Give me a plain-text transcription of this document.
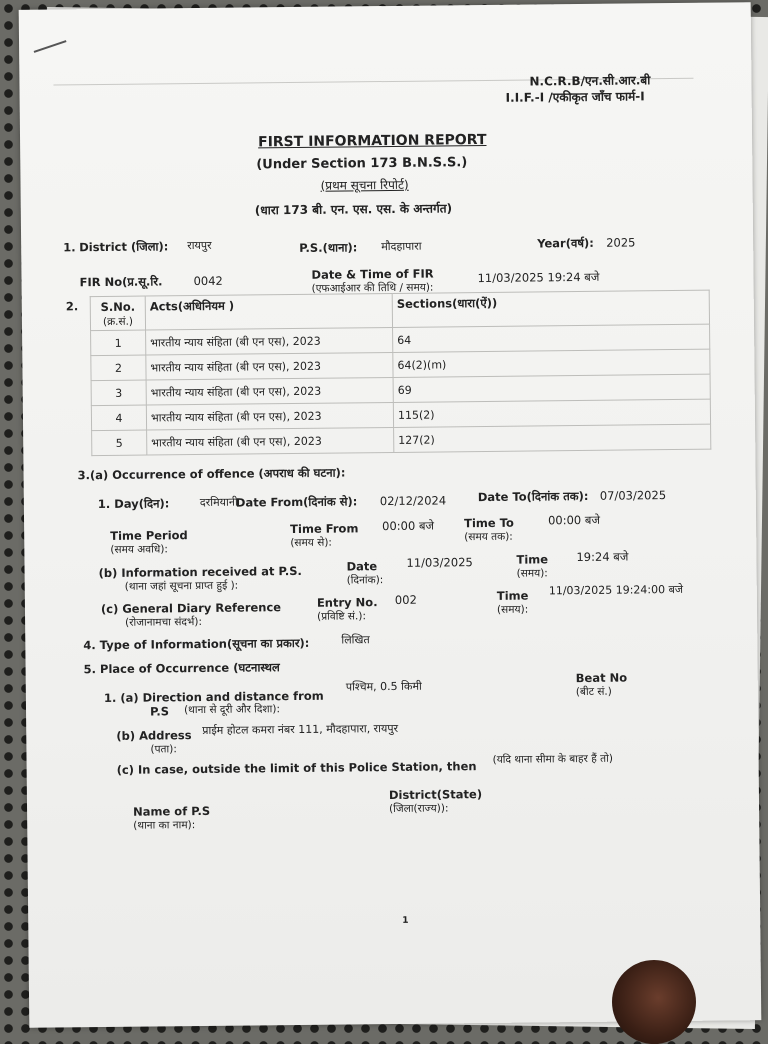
N.C.R.B/एन.सी.आर.बी
I.I.F.-I /एकीकृत जाँच फार्म-I
FIRST INFORMATION REPORT
(Under Section 173 B.N.S.S.)
(प्रथम सूचना रिपोर्ट)
(धारा 173 बी. एन. एस. एस. के अन्तर्गत)
1. District (जिला): रायपुर	P.S.(थाना): मौदहापारा	Year(वर्ष): 2025
FIR No(प्र.सू.रि.	0042	Date & Time of FIR
(एफआईआर की तिथि / समय):
11/03/2025 19:24 बजे
2. S.No.
(क्र.सं.)	Acts(अधिनियम )	Sections(धारा(ऐं))
1	भारतीय न्याय संहिता (बी एन एस), 2023	64
2	भारतीय न्याय संहिता (बी एन एस), 2023	64(2)(m)
3	भारतीय न्याय संहिता (बी एन एस), 2023	69
4	भारतीय न्याय संहिता (बी एन एस), 2023	115(2)
5	भारतीय न्याय संहिता (बी एन एस), 2023	127(2)
3.(a) Occurrence of offence (अपराध की घटना):
1. Day(दिन):	दरमियानी
Date From(दिनांक से): 02/12/2024	Date To(दिनांक तक): 07/03/2025
Time Period
(समय अवधि):
Time From
(समय से):
00:00 बजे	Time To
(समय तक):
00:00 बजे
(b) Information received at P.S.
(थाना जहां सूचना प्राप्त हुई ):
Date
(दिनांक):
11/03/2025	Time
(समय):
19:24 बजे
(c) General Diary Reference
(रोजानामचा संदर्भ):
Entry No.
(प्रविष्टि सं.):
002	Time
(समय):
11/03/2025 19:24:00 बजे
4. Type of Information(सूचना का प्रकार):	लिखित
5. Place of Occurrence (घटनास्थल
1. (a) Direction and distance from
P.S (थाना से दूरी और दिशा):
पश्चिम, 0.5 किमी
Beat No
(बीट सं.)
(b) Address
(पता):
प्राईम होटल कमरा नंबर 111, मौदहापारा, रायपुर
(c) In case, outside the limit of this Police Station, then (यदि थाना सीमा के बाहर हैं तो)
Name of P.S
(थाना का नाम):
District(State)
(जिला(राज्य)):
1
